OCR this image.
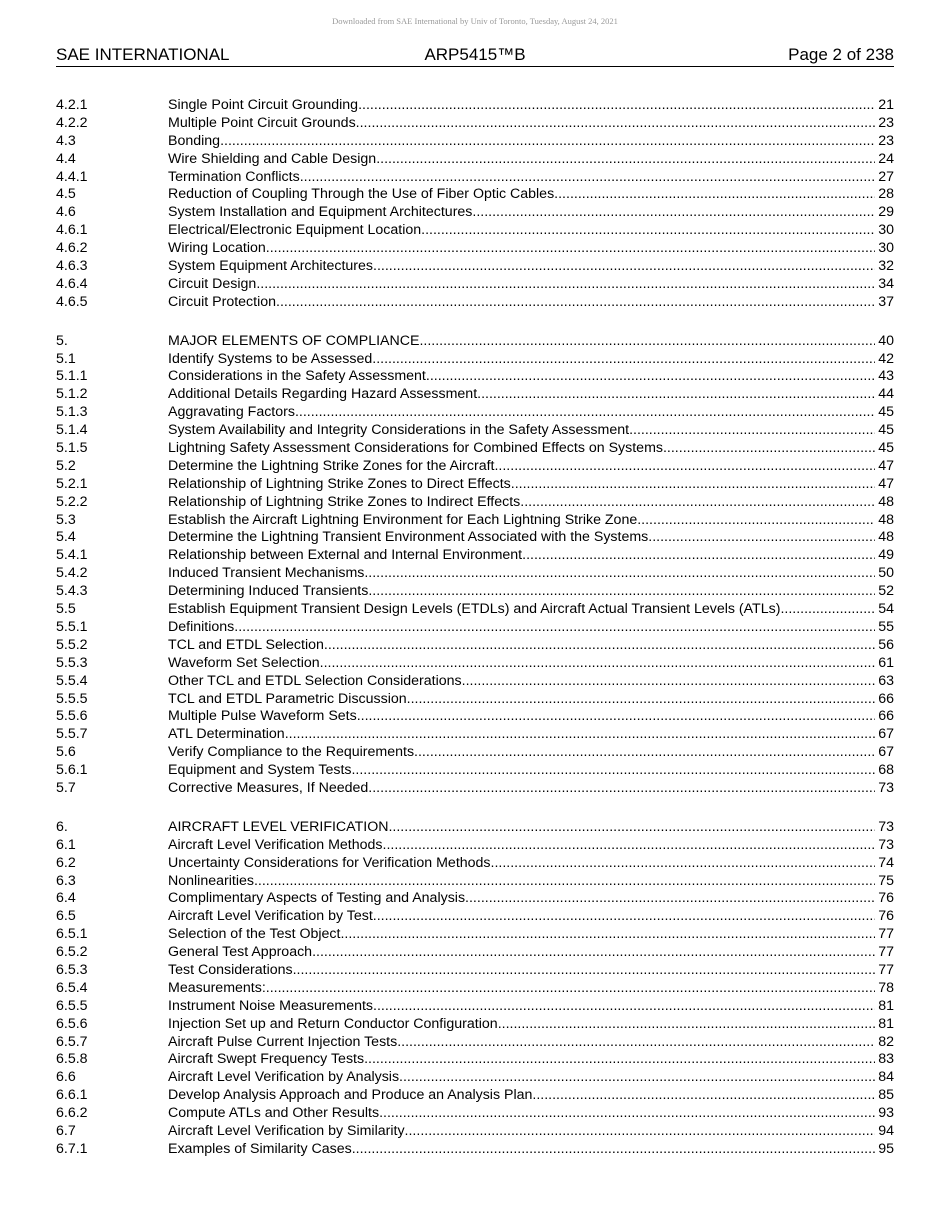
Downloaded from SAE International by Univ of Toronto, Tuesday, August 24, 2021
SAE INTERNATIONAL	ARP5415™B	Page 2 of 238
4.2.1	Single Point Circuit Grounding .....	21
4.2.2	Multiple Point Circuit Grounds .....	23
4.3	Bonding .....	23
4.4	Wire Shielding and Cable Design .....	24
4.4.1	Termination Conflicts .....	27
4.5	Reduction of Coupling Through the Use of Fiber Optic Cables .....	28
4.6	System Installation and Equipment Architectures .....	29
4.6.1	Electrical/Electronic Equipment Location .....	30
4.6.2	Wiring Location .....	30
4.6.3	System Equipment Architectures .....	32
4.6.4	Circuit Design .....	34
4.6.5	Circuit Protection .....	37
5.	MAJOR ELEMENTS OF COMPLIANCE .....	40
5.1	Identify Systems to be Assessed .....	42
5.1.1	Considerations in the Safety Assessment .....	43
5.1.2	Additional Details Regarding Hazard Assessment .....	44
5.1.3	Aggravating Factors .....	45
5.1.4	System Availability and Integrity Considerations in the Safety Assessment .....	45
5.1.5	Lightning Safety Assessment Considerations for Combined Effects on Systems .....	45
5.2	Determine the Lightning Strike Zones for the Aircraft .....	47
5.2.1	Relationship of Lightning Strike Zones to Direct Effects .....	47
5.2.2	Relationship of Lightning Strike Zones to Indirect Effects .....	48
5.3	Establish the Aircraft Lightning Environment for Each Lightning Strike Zone .....	48
5.4	Determine the Lightning Transient Environment Associated with the Systems .....	48
5.4.1	Relationship between External and Internal Environment .....	49
5.4.2	Induced Transient Mechanisms .....	50
5.4.3	Determining Induced Transients .....	52
5.5	Establish Equipment Transient Design Levels (ETDLs) and Aircraft Actual Transient Levels (ATLs) .....	54
5.5.1	Definitions .....	55
5.5.2	TCL and ETDL Selection .....	56
5.5.3	Waveform Set Selection .....	61
5.5.4	Other TCL and ETDL Selection Considerations .....	63
5.5.5	TCL and ETDL Parametric Discussion .....	66
5.5.6	Multiple Pulse Waveform Sets .....	66
5.5.7	ATL Determination .....	67
5.6	Verify Compliance to the Requirements .....	67
5.6.1	Equipment and System Tests .....	68
5.7	Corrective Measures, If Needed .....	73
6.	AIRCRAFT LEVEL VERIFICATION .....	73
6.1	Aircraft Level Verification Methods .....	73
6.2	Uncertainty Considerations for Verification Methods .....	74
6.3	Nonlinearities .....	75
6.4	Complimentary Aspects of Testing and Analysis .....	76
6.5	Aircraft Level Verification by Test .....	76
6.5.1	Selection of the Test Object .....	77
6.5.2	General Test Approach .....	77
6.5.3	Test Considerations .....	77
6.5.4	Measurements: .....	78
6.5.5	Instrument Noise Measurements .....	81
6.5.6	Injection Set up and Return Conductor Configuration .....	81
6.5.7	Aircraft Pulse Current Injection Tests .....	82
6.5.8	Aircraft Swept Frequency Tests .....	83
6.6	Aircraft Level Verification by Analysis .....	84
6.6.1	Develop Analysis Approach and Produce an Analysis Plan .....	85
6.6.2	Compute ATLs and Other Results .....	93
6.7	Aircraft Level Verification by Similarity .....	94
6.7.1	Examples of Similarity Cases .....	95
